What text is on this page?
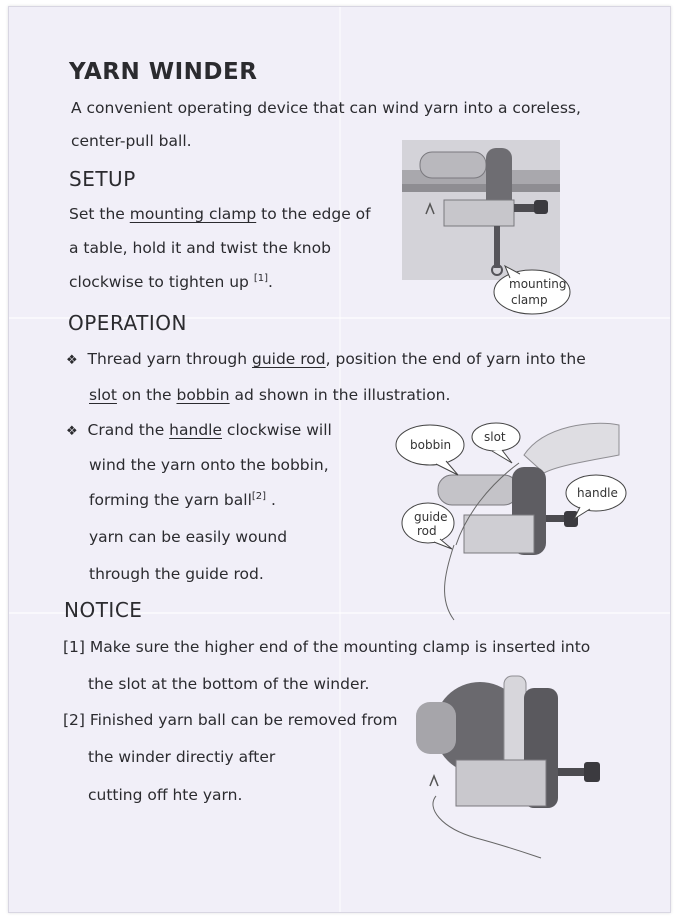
YARN WINDER
A convenient operating device that can wind yarn into a coreless,
center-pull ball.
SETUP
Set the mounting clamp to the edge of
a table, hold it and twist the knob
clockwise to tighten up [1].
OPERATION
❖ Thread yarn through guide rod, position the end of yarn into the
slot on the bobbin ad shown in the illustration.
❖ Crand the handle clockwise will
wind the yarn onto the bobbin,
forming the yarn ball[2] .
yarn can be easily wound
through the guide rod.
NOTICE
[1] Make sure the higher end of the mounting clamp is inserted into
the slot at the bottom of the winder.
[2] Finished yarn ball can be removed from
the winder directiy after
cutting off hte yarn.
mounting
clamp
bobbin
slot
handle
guide
rod
